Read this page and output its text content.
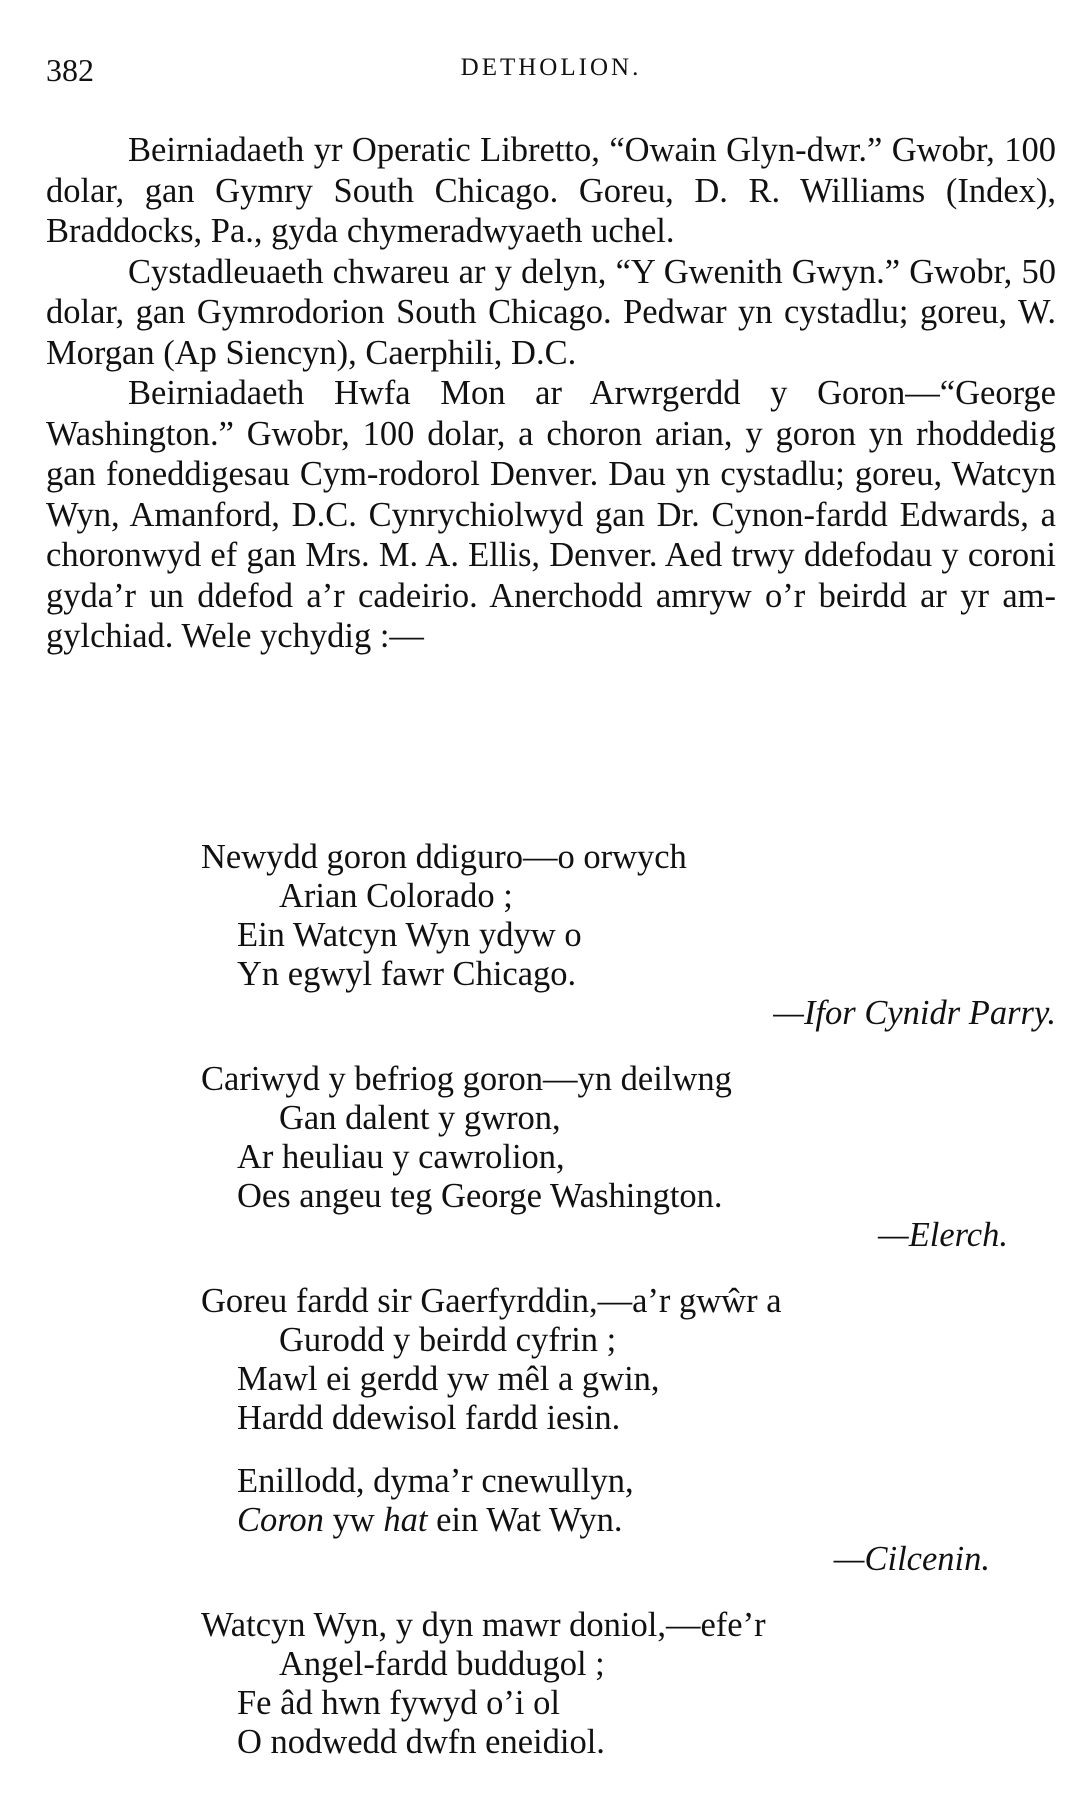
382	DETHOLION.

Beirniadaeth yr Operatic Libretto, “Owain Glyn-dwr.” Gwobr, 100 dolar, gan Gymry South Chicago. Goreu, D. R. Williams (Index), Braddocks, Pa., gyda chymeradwyaeth uchel.

Cystadleuaeth chwareu ar y delyn, “Y Gwenith Gwyn.” Gwobr, 50 dolar, gan Gymrodorion South Chicago. Pedwar yn cystadlu; goreu, W. Morgan (Ap Siencyn), Caerphili, D.C.

Beirniadaeth Hwfa Mon ar Arwrgerdd y Goron—“George Washington.” Gwobr, 100 dolar, a choron arian, y goron yn rhoddedig gan foneddigesau Cym-rodorol Denver. Dau yn cystadlu; goreu, Watcyn Wyn, Amanford, D.C. Cynrychiolwyd gan Dr. Cynon-fardd Edwards, a choronwyd ef gan Mrs. M. A. Ellis, Denver. Aed trwy ddefodau y coroni gyda’r un ddefod a’r cadeirio. Anerchodd amryw o’r beirdd ar yr am-gylchiad. Wele ychydig :—

Newydd goron ddiguro—o orwych
Arian Colorado ;
Ein Watcyn Wyn ydyw o
Yn egwyl fawr Chicago.
—Ifor Cynidr Parry.
Cariwyd y befriog goron—yn deilwng
Gan dalent y gwron,
Ar heuliau y cawrolion,
Oes angeu teg George Washington.
—Elerch.
Goreu fardd sir Gaerfyrddin,—a’r gwŵr a
Gurodd y beirdd cyfrin ;
Mawl ei gerdd yw mêl a gwin,
Hardd ddewisol fardd iesin.
Enillodd, dyma’r cnewullyn,
Coron yw hat ein Wat Wyn.
—Cilcenin.
Watcyn Wyn, y dyn mawr doniol,—efe’r
Angel-fardd buddugol ;
Fe âd hwn fywyd o’i ol
O nodwedd dwfn eneidiol.
